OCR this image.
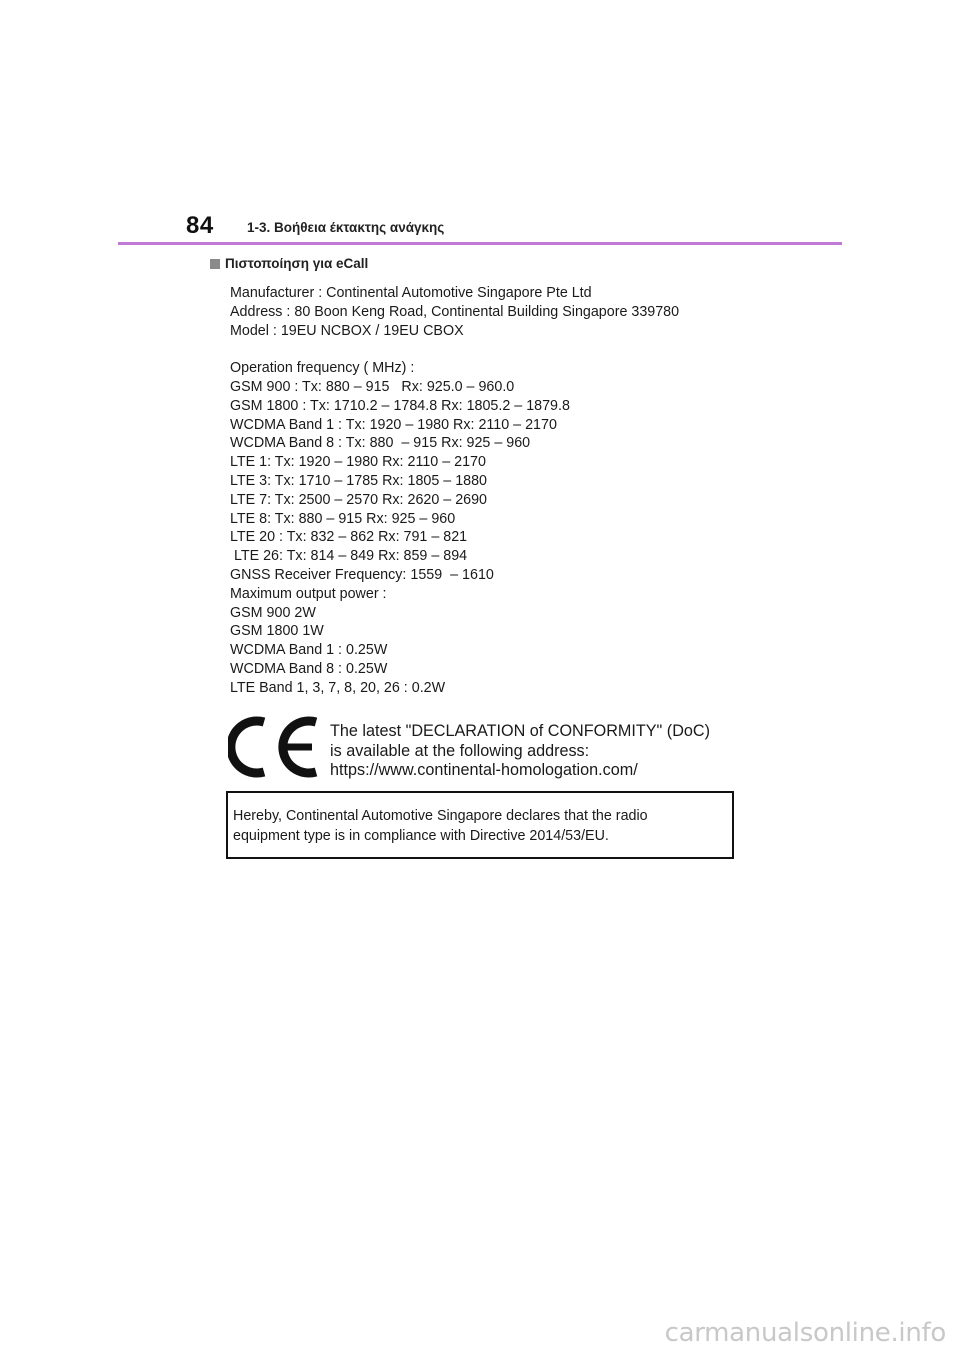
84 1-3. Βοήθεια έκτακτης ανάγκης
Πιστοποίηση για eCall
Manufacturer : Continental Automotive Singapore Pte Ltd
Address : 80 Boon Keng Road, Continental Building Singapore 339780
Model : 19EU NCBOX / 19EU CBOX
Operation frequency ( MHz) :
GSM 900 : Tx: 880 – 915   Rx: 925.0 – 960.0
GSM 1800 : Tx: 1710.2 – 1784.8 Rx: 1805.2 – 1879.8
WCDMA Band 1 : Tx: 1920 – 1980 Rx: 2110 – 2170
WCDMA Band 8 : Tx: 880  – 915 Rx: 925 – 960
LTE 1: Tx: 1920 – 1980 Rx: 2110 – 2170
LTE 3: Tx: 1710 – 1785 Rx: 1805 – 1880
LTE 7: Tx: 2500 – 2570 Rx: 2620 – 2690
LTE 8: Tx: 880 – 915 Rx: 925 – 960
LTE 20 : Tx: 832 – 862 Rx: 791 – 821
LTE 26: Tx: 814 – 849 Rx: 859 – 894
GNSS Receiver Frequency: 1559  – 1610
Maximum output power :
GSM 900 2W
GSM 1800 1W
WCDMA Band 1 : 0.25W
WCDMA Band 8 : 0.25W
LTE Band 1, 3, 7, 8, 20, 26 : 0.2W
The latest "DECLARATION of CONFORMITY" (DoC)
is available at the following address:
https://www.continental-homologation.com/
Hereby, Continental Automotive Singapore declares that the radio
equipment type is in compliance with Directive 2014/53/EU.
carmanualsonline.info
